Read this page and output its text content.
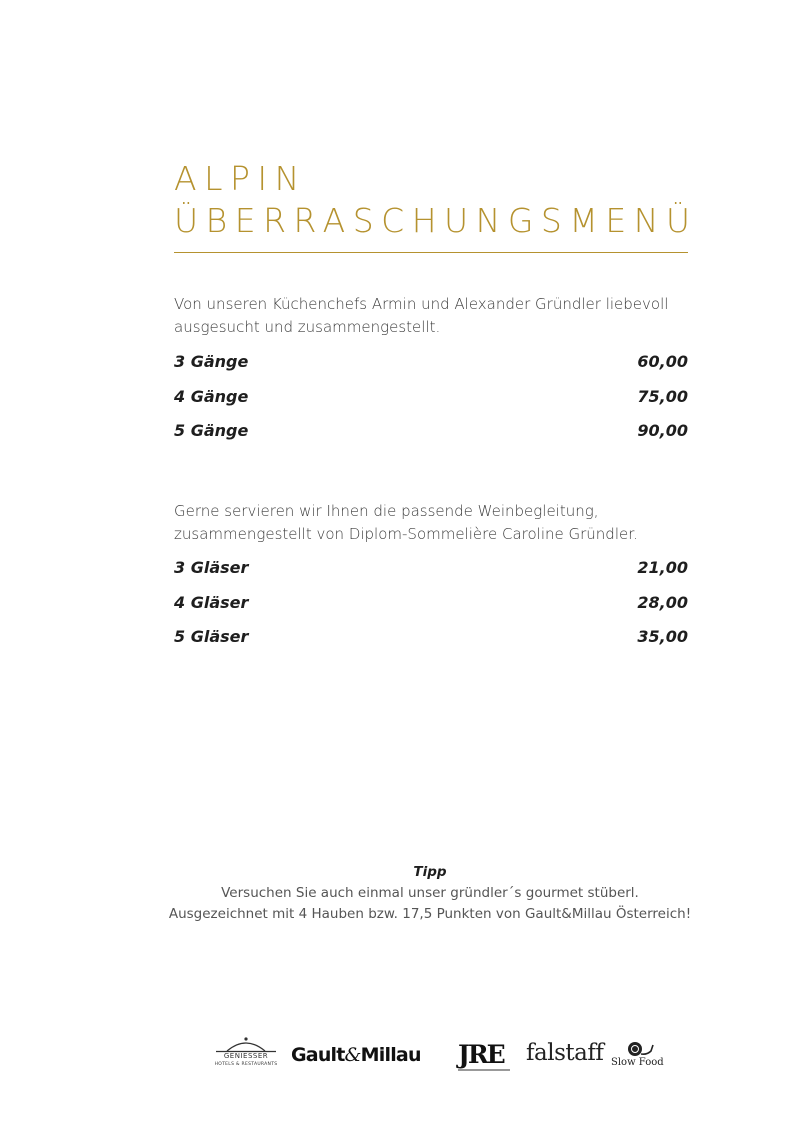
ALPIN
ÜBERRASCHUNGSMENÜ

Von unseren Küchenchefs Armin und Alexander Gründler liebevoll ausgesucht und zusammengestellt.

3 Gänge	60,00
4 Gänge	75,00
5 Gänge	90,00

Gerne servieren wir Ihnen die passende Weinbegleitung, zusammengestellt von Diplom-Sommelière Caroline Gründler.

3 Gläser	21,00
4 Gläser	28,00
5 Gläser	35,00
Tipp
Versuchen Sie auch einmal unser gründler´s gourmet stüberl.
Ausgezeichnet mit 4 Hauben bzw. 17,5 Punkten von Gault&Millau Österreich!
GENIESSER
HOTELS & RESTAURANTS Gault&Millau JRE falstaff Slow Food
